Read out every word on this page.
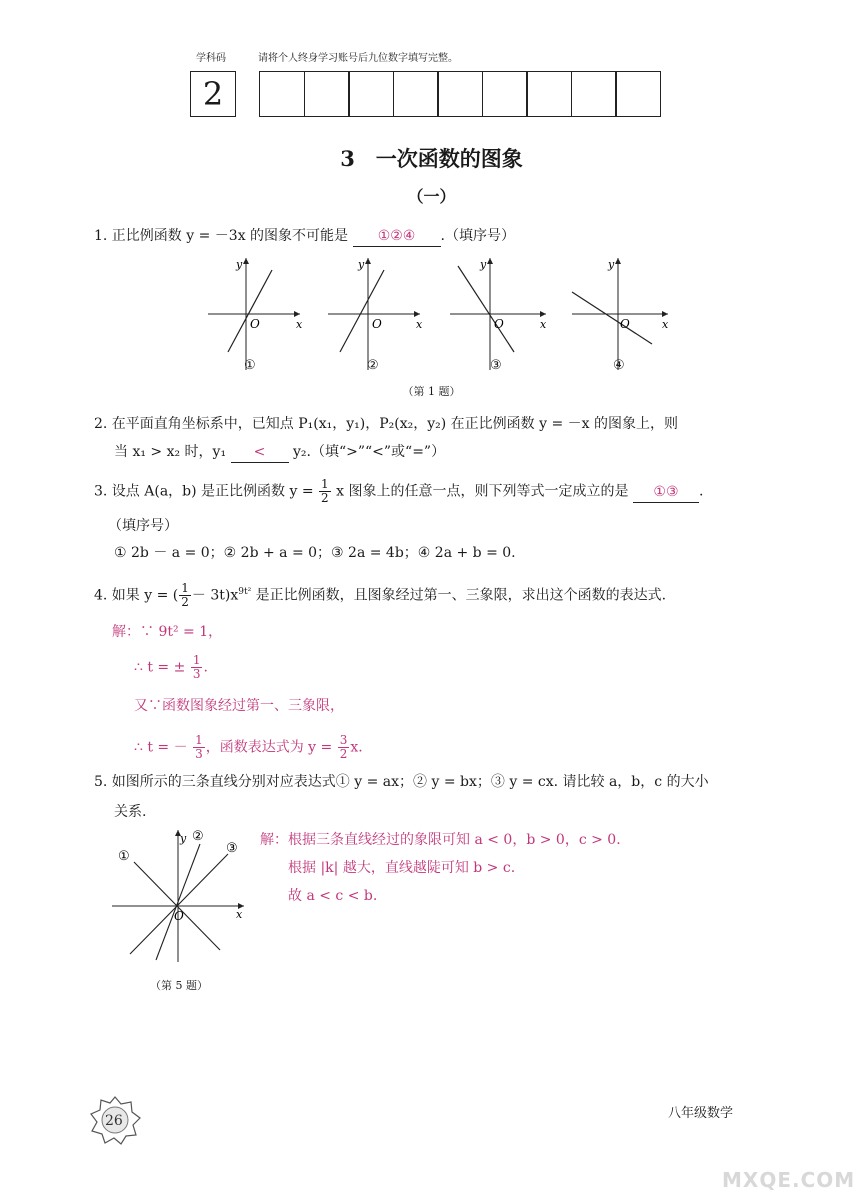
学科码	请将个人终身学习账号后九位数字填写完整。
2
3　一次函数的图象
（一）
1. 正比例函数 y = －3x 的图象不可能是 ①②④ .（填序号）
y
x
O
y
x
O
y
x
O
y
x
O
①	②	③	④
（第 1 题）
2. 在平面直角坐标系中，已知点 P₁(x₁，y₁)，P₂(x₂，y₂) 在正比例函数 y = －x 的图象上，则
当 x₁ > x₂ 时，y₁ < y₂.（填“>”“<”或“=”）
3. 设点 A(a，b) 是正比例函数 $y = \frac{1}{2}$ x 图象上的任意一点，则下列等式一定成立的是 ①③ .
（填序号）
① 2b － a = 0；② 2b + a = 0；③ 2a = 4b；④ 2a + b = 0.
4. 如果 y = ( $\frac{1}{2} - 3t)x^{9t^2}$ 是正比例函数，且图象经过第一、三象限，求出这个函数的表达式.
解：∵ 9t² = 1，
∴ t = ± $\frac{1}{3}$ .
又∵函数图象经过第一、三象限，
∴ t = － $\frac{1}{3}$ ，函数表达式为 $y = \frac{3}{2} x$.
5. 如图所示的三条直线分别对应表达式① y = ax；② y = bx；③ y = cx. 请比较 a，b，c 的大小
关系.
y
x
O
①
②
③
（第 5 题）
解：根据三条直线经过的象限可知 a < 0，b > 0，c > 0.
根据 |k| 越大，直线越陡可知 b > c.
故 a < c < b.
26	八年级数学
MXQE.COM
